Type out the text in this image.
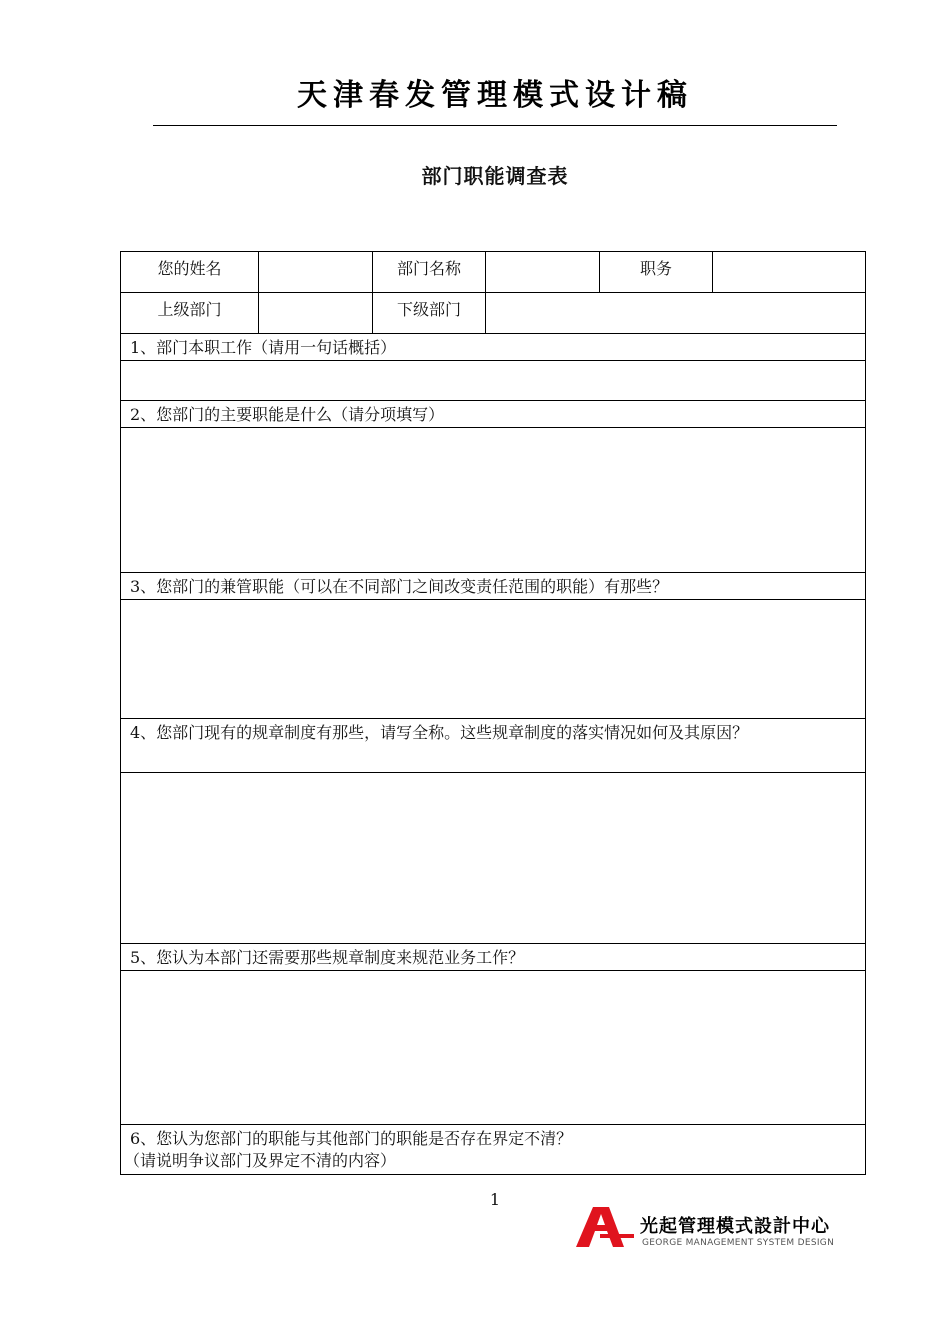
天津春发管理模式设计稿
部门职能调查表
您的姓名	部门名称	职务
上级部门	下级部门
1、部门本职工作（请用一句话概括）
2、您部门的主要职能是什么（请分项填写）
3、您部门的兼管职能（可以在不同部门之间改变责任范围的职能）有那些？
4、您部门现有的规章制度有那些，请写全称。这些规章制度的落实情况如何及其原因？
5、您认为本部门还需要那些规章制度来规范业务工作？
6、您认为您部门的职能与其他部门的职能是否存在界定不清？
（请说明争议部门及界定不清的内容）
1
光起管理模式設計中心
GEORGE MANAGEMENT SYSTEM DESIGN
